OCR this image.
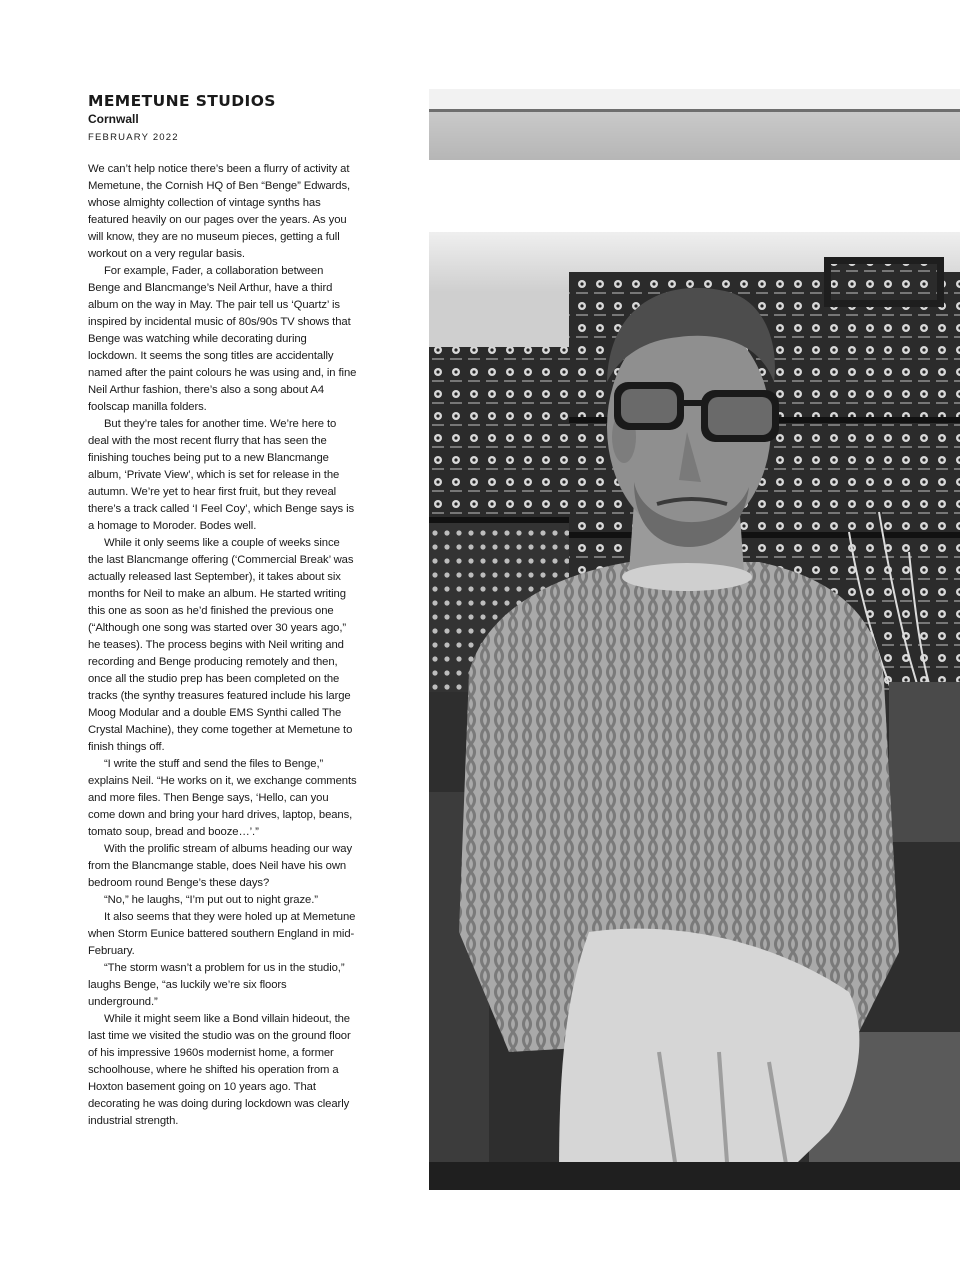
MEMETUNE STUDIOS
Cornwall
FEBRUARY 2022

We can’t help notice there’s been a flurry of activity at Memetune, the Cornish HQ of Ben “Benge” Edwards, whose almighty collection of vintage synths has featured heavily on our pages over the years. As you will know, they are no museum pieces, getting a full workout on a very regular basis.

For example, Fader, a collaboration between Benge and Blancmange’s Neil Arthur, have a third album on the way in May. The pair tell us ‘Quartz’ is inspired by incidental music of 80s/90s TV shows that Benge was watching while decorating during lockdown. It seems the song titles are accidentally named after the paint colours he was using and, in fine Neil Arthur fashion, there’s also a song about A4 foolscap manilla folders.

But they’re tales for another time. We’re here to deal with the most recent flurry that has seen the finishing touches being put to a new Blancmange album, ‘Private View’, which is set for release in the autumn. We’re yet to hear first fruit, but they reveal there’s a track called ‘I Feel Coy’, which Benge says is a homage to Moroder. Bodes well.

While it only seems like a couple of weeks since the last Blancmange offering (‘Commercial Break’ was actually released last September), it takes about six months for Neil to make an album. He started writing this one as soon as he’d finished the previous one (“Although one song was started over 30 years ago,” he teases). The process begins with Neil writing and recording and Benge producing remotely and then, once all the studio prep has been completed on the tracks (the synthy treasures featured include his large Moog Modular and a double EMS Synthi called The Crystal Machine), they come together at Memetune to finish things off.

“I write the stuff and send the files to Benge,” explains Neil. “He works on it, we exchange comments and more files. Then Benge says, ‘Hello, can you come down and bring your hard drives, laptop, beans, tomato soup, bread and booze…’.”

With the prolific stream of albums heading our way from the Blancmange stable, does Neil have his own bedroom round Benge’s these days?

“No,” he laughs, “I’m put out to night graze.”

It also seems that they were holed up at Memetune when Storm Eunice battered southern England in mid-February.

“The storm wasn’t a problem for us in the studio,” laughs Benge, “as luckily we’re six floors underground.”

While it might seem like a Bond villain hideout, the last time we visited the studio was on the ground floor of his impressive 1960s modernist home, a former schoolhouse, where he shifted his operation from a Hoxton basement going on 10 years ago. That decorating he was doing during lockdown was clearly industrial strength.
